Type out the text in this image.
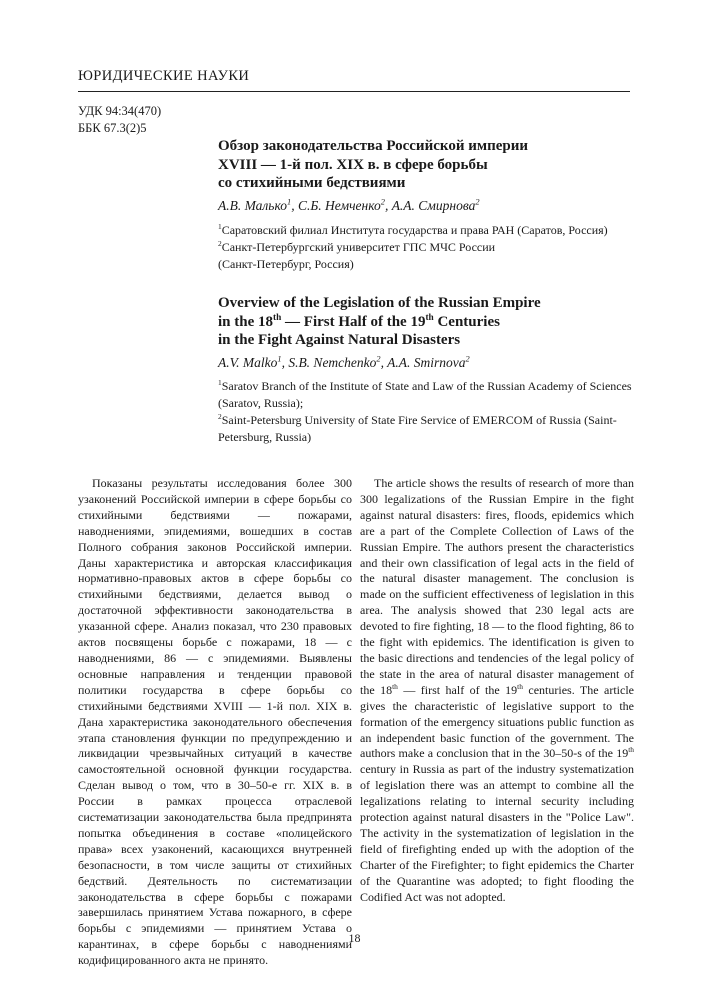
ЮРИДИЧЕСКИЕ НАУКИ
УДК 94:34(470)
ББК 67.3(2)5
Обзор законодательства Российской империи
XVIII — 1-й пол. XIX в. в сфере борьбы
со стихийными бедствиями
А.В. Малько$^1$, С.Б. Немченко$^2$, А.А. Смирнова$^2$
$^1$Саратовский филиал Института государства и права РАН (Саратов, Россия)
$^2$Санкт-Петербургский университет ГПС МЧС России
(Санкт-Петербург, Россия)
Overview of the Legislation of the Russian Empire
in the 18th — First Half of the 19th Centuries
in the Fight Against Natural Disasters
A.V. Malko$^1$, S.B. Nemchenko$^2$, A.A. Smirnova$^2$
$^1$Saratov Branch of the Institute of State and Law of the Russian Academy of Sciences (Saratov, Russia);
$^2$Saint-Petersburg University of State Fire Service of EMERCOM of Russia (Saint-Petersburg, Russia)
Показаны результаты исследования более 300 узаконений Российской империи в сфере борьбы со стихийными бедствиями — пожарами, наводнениями, эпидемиями, вошедших в состав Полного собрания законов Российской империи. Даны характеристика и авторская классификация нормативно-правовых актов в сфере борьбы со стихийными бедствиями, делается вывод о достаточной эффективности законодательства в указанной сфере. Анализ показал, что 230 правовых актов посвящены борьбе с пожарами, 18 — с наводнениями, 86 — с эпидемиями. Выявлены основные направления и тенденции правовой политики государства в сфере борьбы со стихийными бедствиями XVIII — 1-й пол. XIX в. Дана характеристика законодательного обеспечения этапа становления функции по предупреждению и ликвидации чрезвычайных ситуаций в качестве самостоятельной основной функции государства. Сделан вывод о том, что в 30–50-е гг. XIX в. в России в рамках процесса отраслевой систематизации законодательства была предпринята попытка объединения в составе «полицейского права» всех узаконений, касающихся внутренней безопасности, в том числе защиты от стихийных бедствий. Деятельность по систематизации законодательства в сфере борьбы с пожарами завершилась принятием Устава пожарного, в сфере борьбы с эпидемиями — принятием Устава о карантинах, в сфере борьбы с наводнениями кодифицированного акта не принято.
The article shows the results of research of more than 300 legalizations of the Russian Empire in the fight against natural disasters: fires, floods, epidemics which are a part of the Complete Collection of Laws of the Russian Empire. The authors present the characteristics and their own classification of legal acts in the field of the natural disaster management. The conclusion is made on the sufficient effectiveness of legislation in this area. The analysis showed that 230 legal acts are devoted to fire fighting, 18 — to the flood fighting, 86 to the fight with epidemics. The identification is given to the basic directions and tendencies of the legal policy of the state in the area of natural disaster management of the 18th — first half of the 19th centuries. The article gives the characteristic of legislative support to the formation of the emergency situations public function as an independent basic function of the government. The authors make a conclusion that in the 30–50-s of the 19th century in Russia as part of the industry systematization of legislation there was an attempt to combine all the legalizations relating to internal security including protection against natural disasters in the "Police Law". The activity in the systematization of legislation in the field of firefighting ended up with the adoption of the Charter of the Firefighter; to fight epidemics the Charter of the Quarantine was adopted; to fight flooding the Codified Act was not adopted.
18
